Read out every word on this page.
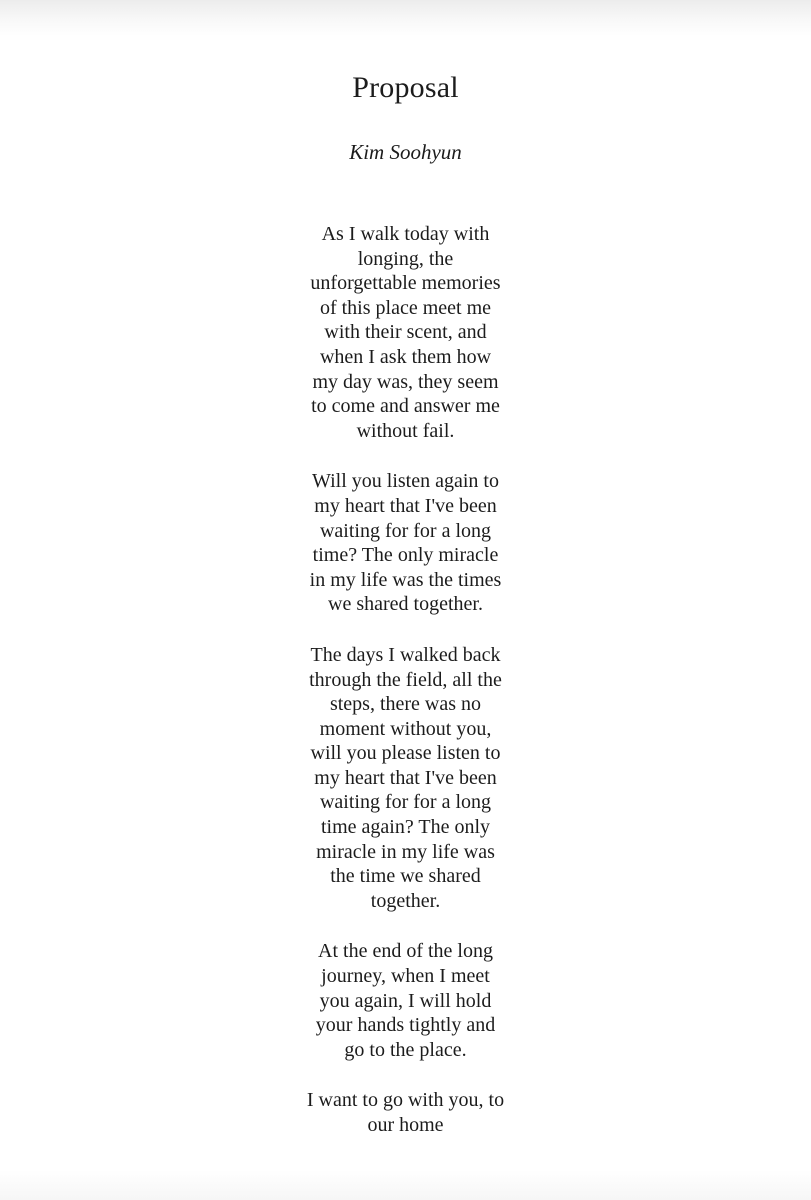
Proposal

Kim Soohyun

As I walk today with
longing, the
unforgettable memories
of this place meet me
with their scent, and
when I ask them how
my day was, they seem
to come and answer me
without fail.

Will you listen again to
my heart that I've been
waiting for for a long
time? The only miracle
in my life was the times
we shared together.

The days I walked back
through the field, all the
steps, there was no
moment without you,
will you please listen to
my heart that I've been
waiting for for a long
time again? The only
miracle in my life was
the time we shared
together.

At the end of the long
journey, when I meet
you again, I will hold
your hands tightly and
go to the place.

I want to go with you, to
our home
